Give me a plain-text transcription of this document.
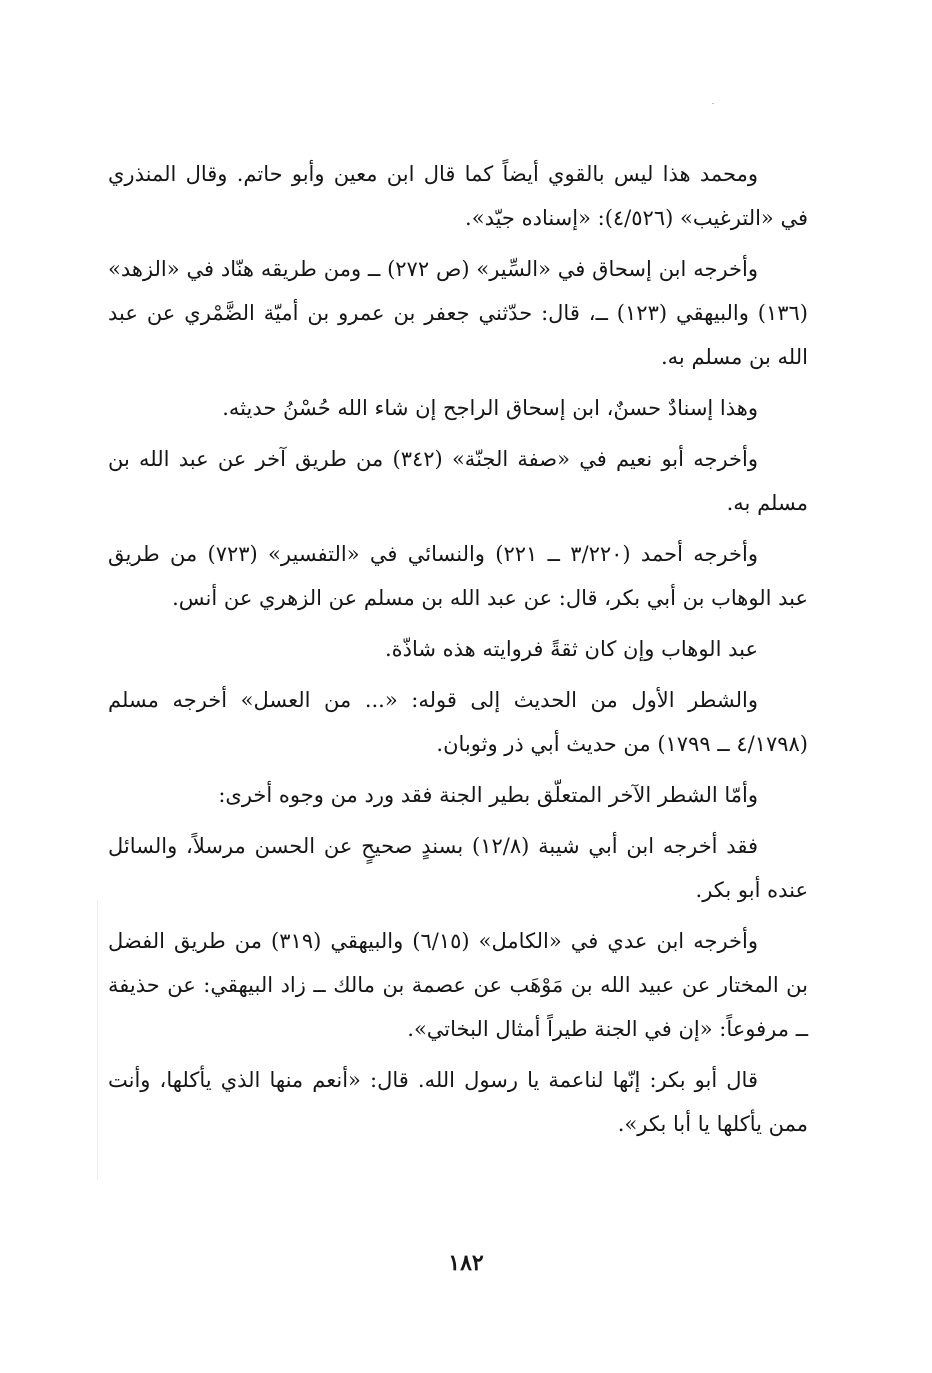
ومحمد هذا ليس بالقوي أيضاً كما قال ابن معين وأبو حاتم. وقال المنذري في «الترغيب» (٤/٥٢٦): «إسناده جيّد».

وأخرجه ابن إسحاق في «السِّير» (ص ٢٧٢) ــ ومن طريقه هنّاد في «الزهد» (١٣٦) والبيهقي (١٢٣) ــ، قال: حدّثني جعفر بن عمرو بن أميّة الضَّمْري عن عبد الله بن مسلم به.

وهذا إسنادٌ حسنٌ، ابن إسحاق الراجح إن شاء الله حُسْنُ حديثه.

وأخرجه أبو نعيم في «صفة الجنّة» (٣٤٢) من طريق آخر عن عبد الله بن مسلم به.

وأخرجه أحمد (٣/٢٢٠ ــ ٢٢١) والنسائي في «التفسير» (٧٢٣) من طريق عبد الوهاب بن أبي بكر، قال: عن عبد الله بن مسلم عن الزهري عن أنس.

عبد الوهاب وإن كان ثقةً فروايته هذه شاذّة.

والشطر الأول من الحديث إلى قوله: «... من العسل» أخرجه مسلم (٤/١٧٩٨ ــ ١٧٩٩) من حديث أبي ذر وثوبان.

وأمّا الشطر الآخر المتعلّق بطير الجنة فقد ورد من وجوه أخرى:

فقد أخرجه ابن أبي شيبة (١٢/٨) بسندٍ صحيحٍ عن الحسن مرسلاً، والسائل عنده أبو بكر.

وأخرجه ابن عدي في «الكامل» (٦/١٥) والبيهقي (٣١٩) من طريق الفضل بن المختار عن عبيد الله بن مَوْهَب عن عصمة بن مالك ــ زاد البيهقي: عن حذيفة ــ مرفوعاً: «إن في الجنة طيراً أمثال البخاتي».

قال أبو بكر: إنّها لناعمة يا رسول الله. قال: «أنعم منها الذي يأكلها، وأنت ممن يأكلها يا أبا بكر».

١٨٢
